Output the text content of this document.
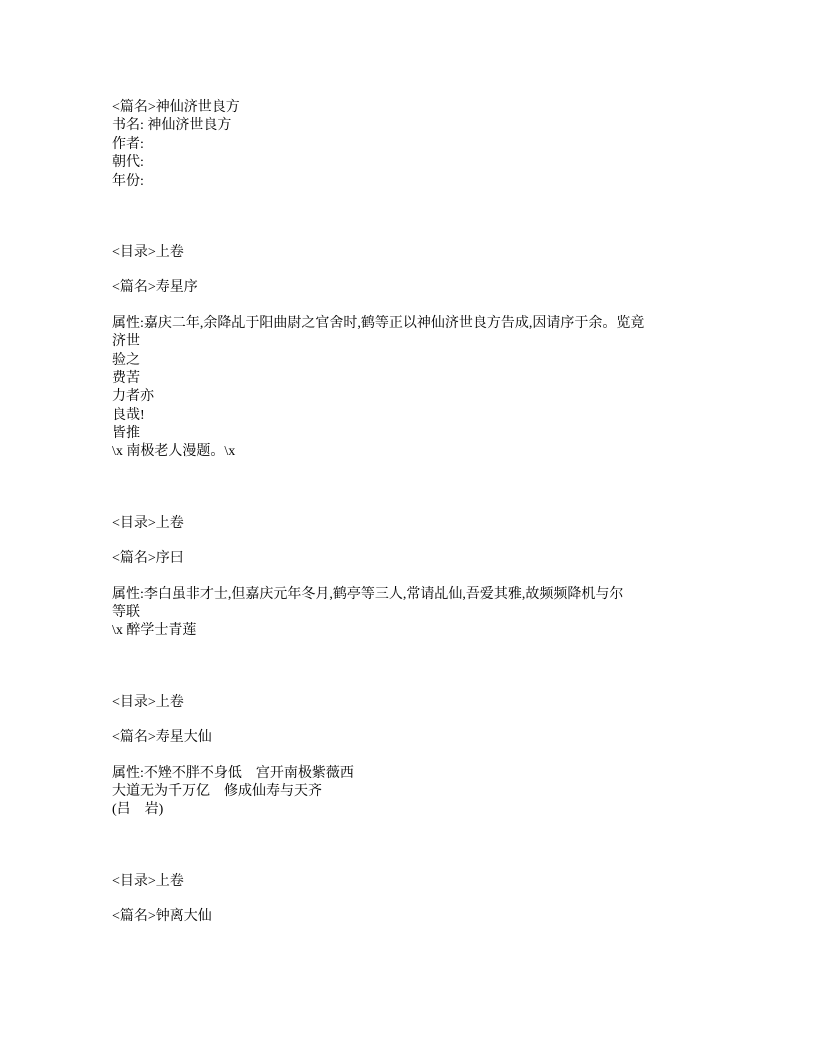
<篇名>神仙济世良方
书名: 神仙济世良方
作者:
朝代:
年份:
<目录>上卷
<篇名>寿星序
属性:嘉庆二年,余降乩于阳曲尉之官舍时,鹤等正以神仙济世良方告成,因请序于余。览竟
济世
验之
费苦
力者亦
良哉!
皆推
\x 南极老人漫题。\x
<目录>上卷
<篇名>序曰
属性:李白虽非才士,但嘉庆元年冬月,鹤亭等三人,常请乩仙,吾爱其雅,故频频降机与尔
等联
\x 醉学士青莲
<目录>上卷
<篇名>寿星大仙
属性:不矬不胖不身低　宫开南极紫薇西
大道无为千万亿　修成仙寿与天齐
(吕　岩)
<目录>上卷
<篇名>钟离大仙
